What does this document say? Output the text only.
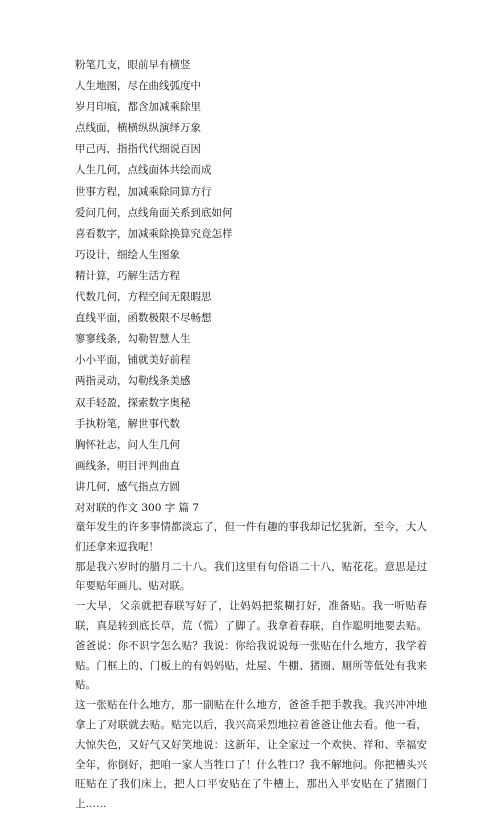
粉笔几支，眼前早有横竖
人生地图，尽在曲线弧度中
岁月印痕，都含加减乘除里
点线面，横横纵纵演绎万象
甲己丙，指指代代细说百因
人生几何，点线面体共绘而成
世事方程，加减乘除同算方行
爱问几何，点线角面关系到底如何
喜看数字，加减乘除换算究竟怎样
巧设计，细绘人生图象
精计算，巧解生活方程
代数几何，方程空间无限暇思
直线平面，函数极限不尽畅想
寥寥线条，勾勒智慧人生
小小平面，铺就美好前程
两指灵动，勾勒线条美感
双手轻盈，探索数字奥秘
手执粉笔，解世事代数
胸怀社志，问人生几何
画线条，明目评判曲直
讲几何，感气指点方圆
对对联的作文 300 字 篇 7
童年发生的许多事情都淡忘了，但一件有趣的事我却记忆犹新，至今，大人们还拿来逗我呢！
那是我六岁时的腊月二十八。我们这里有句俗语二十八，贴花花。意思是过年要贴年画儿、贴对联。
一大早，父亲就把春联写好了，让妈妈把浆糊打好，准备贴。我一听贴春联，真是转到底长草，荒（慌）了脚了。我拿着春联，自作聪明地要去贴。爸爸说：你不识字怎么贴？我说：你给我说说每一张贴在什么地方，我学着贴。门框上的、门板上的有妈妈贴，灶屋、牛棚、猪圈、厕所等低处有我来贴。
这一张贴在什么地方，那一副贴在什么地方，爸爸手把手教我。我兴冲冲地拿上了对联就去贴。贴完以后，我兴高采烈地拉着爸爸让他去看。他一看，大惊失色，又好气又好笑地说：这新年，让全家过一个欢快、祥和、幸福安全年，你倒好，把咱一家人当牲口了！什么牲口？我不解地问。你把槽头兴旺贴在了我们床上，把人口平安贴在了牛槽上，那出入平安贴在了猪圈门上……
